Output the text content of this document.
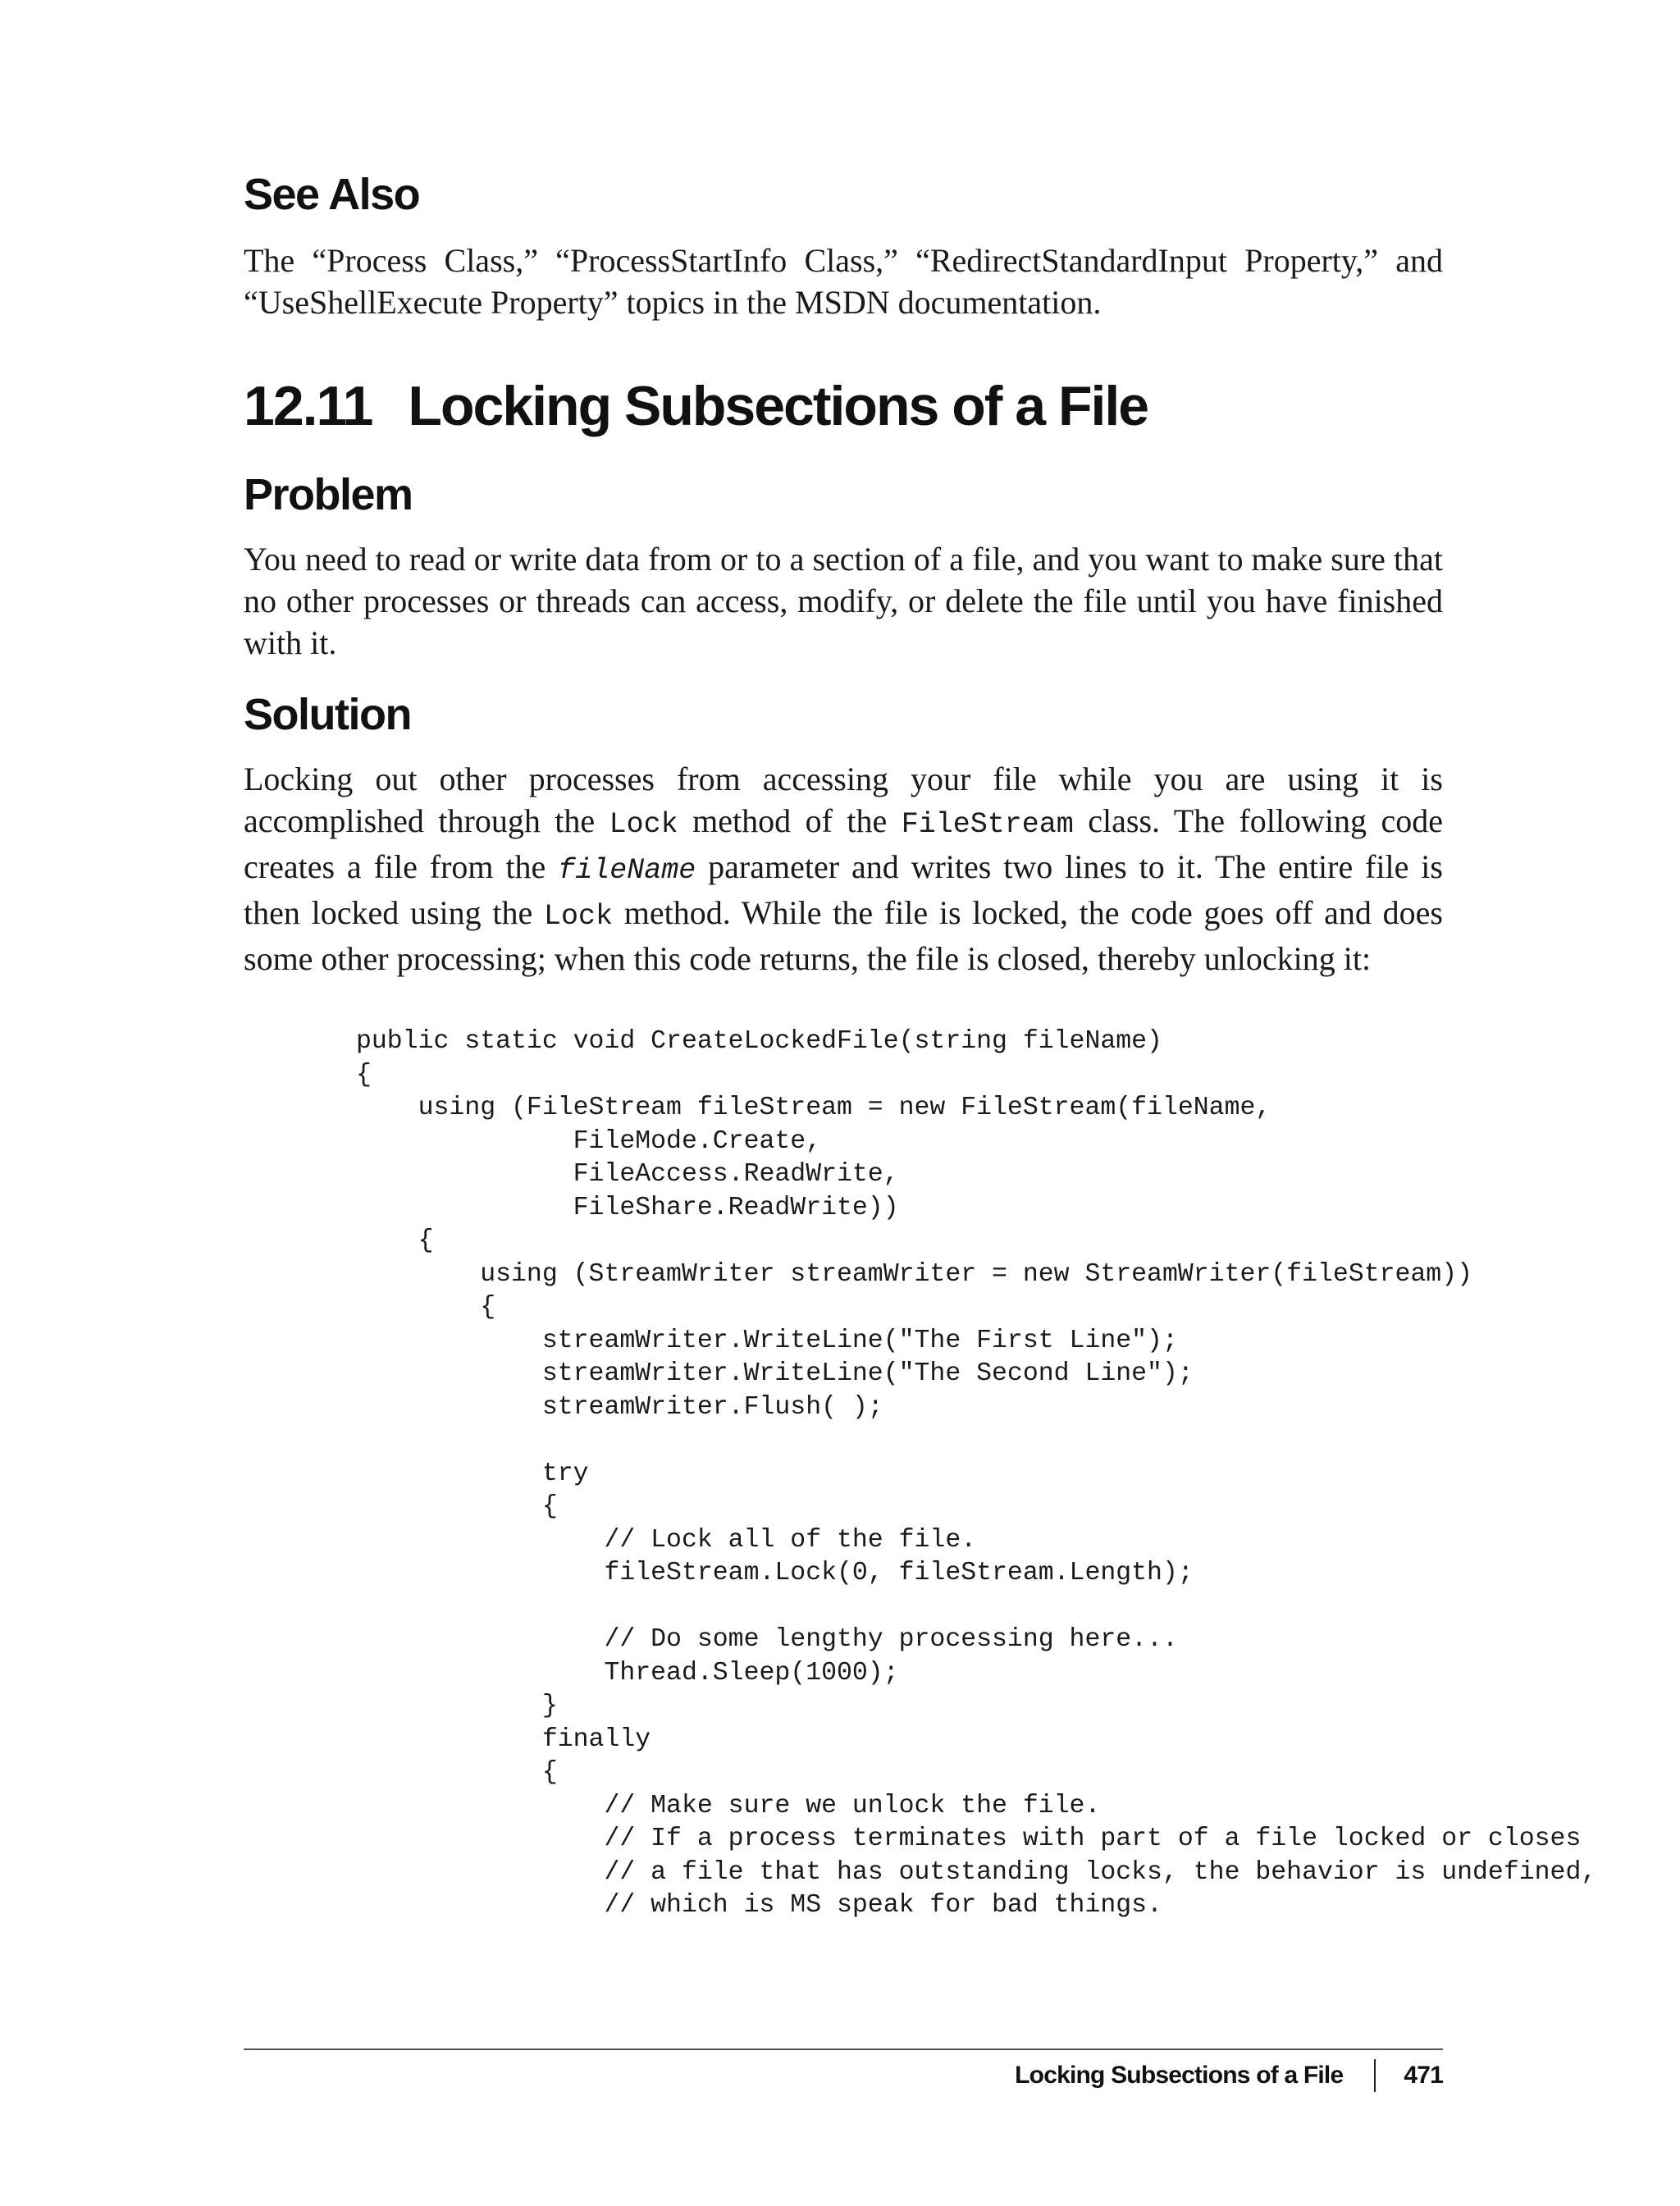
See Also

The “Process Class,” “ProcessStartInfo Class,” “RedirectStandardInput Property,” and “UseShellExecute Property” topics in the MSDN documentation.

12.11 Locking Subsections of a File
Problem

You need to read or write data from or to a section of a file, and you want to make sure that no other processes or threads can access, modify, or delete the file until you have finished with it.

Solution

Locking out other processes from accessing your file while you are using it is accomplished through the Lock method of the FileStream class. The following code creates a file from the fileName parameter and writes two lines to it. The entire file is then locked using the Lock method. While the file is locked, the code goes off and does some other processing; when this code returns, the file is closed, thereby unlocking it:

public static void CreateLockedFile(string fileName)
{
using (FileStream fileStream = new FileStream(fileName,
FileMode.Create,
FileAccess.ReadWrite,
FileShare.ReadWrite))
{
using (StreamWriter streamWriter = new StreamWriter(fileStream))
{
streamWriter.WriteLine("The First Line");
streamWriter.WriteLine("The Second Line");
streamWriter.Flush( );

try
{
// Lock all of the file.
fileStream.Lock(0, fileStream.Length);

// Do some lengthy processing here...
Thread.Sleep(1000);
}
finally
{
// Make sure we unlock the file.
// If a process terminates with part of a file locked or closes
// a file that has outstanding locks, the behavior is undefined,
// which is MS speak for bad things.
Locking Subsections of a File 471
